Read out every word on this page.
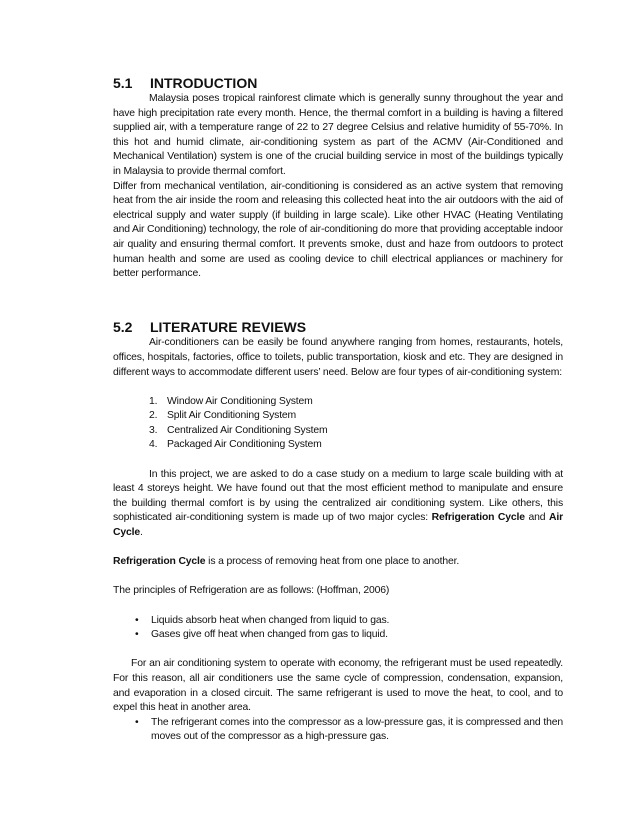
5.1	INTRODUCTION

Malaysia poses tropical rainforest climate which is generally sunny throughout the year and have high precipitation rate every month. Hence, the thermal comfort in a building is having a filtered supplied air, with a temperature range of 22 to 27 degree Celsius and relative humidity of 55-70%. In this hot and humid climate, air-conditioning system as part of the ACMV (Air-Conditioned and Mechanical Ventilation) system is one of the crucial building service in most of the buildings typically in Malaysia to provide thermal comfort.

Differ from mechanical ventilation, air-conditioning is considered as an active system that removing heat from the air inside the room and releasing this collected heat into the air outdoors with the aid of electrical supply and water supply (if building in large scale). Like other HVAC (Heating Ventilating and Air Conditioning) technology, the role of air-conditioning do more that providing acceptable indoor air quality and ensuring thermal comfort. It prevents smoke, dust and haze from outdoors to protect human health and some are used as cooling device to chill electrical appliances or machinery for better performance.

5.2	LITERATURE REVIEWS

Air-conditioners can be easily be found anywhere ranging from homes, restaurants, hotels, offices, hospitals, factories, office to toilets, public transportation, kiosk and etc. They are designed in different ways to accommodate different users’ need. Below are four types of air-conditioning system:

1. Window Air Conditioning System
2. Split Air Conditioning System
3. Centralized Air Conditioning System
4. Packaged Air Conditioning System

In this project, we are asked to do a case study on a medium to large scale building with at least 4 storeys height. We have found out that the most efficient method to manipulate and ensure the building thermal comfort is by using the centralized air conditioning system. Like others, this sophisticated air-conditioning system is made up of two major cycles: Refrigeration Cycle and Air Cycle.

Refrigeration Cycle is a process of removing heat from one place to another.

The principles of Refrigeration are as follows: (Hoffman, 2006)

•	Liquids absorb heat when changed from liquid to gas.
•	Gases give off heat when changed from gas to liquid.

For an air conditioning system to operate with economy, the refrigerant must be used repeatedly. For this reason, all air conditioners use the same cycle of compression, condensation, expansion, and evaporation in a closed circuit. The same refrigerant is used to move the heat, to cool, and to expel this heat in another area.

•	The refrigerant comes into the compressor as a low-pressure gas, it is compressed and then moves out of the compressor as a high-pressure gas.
